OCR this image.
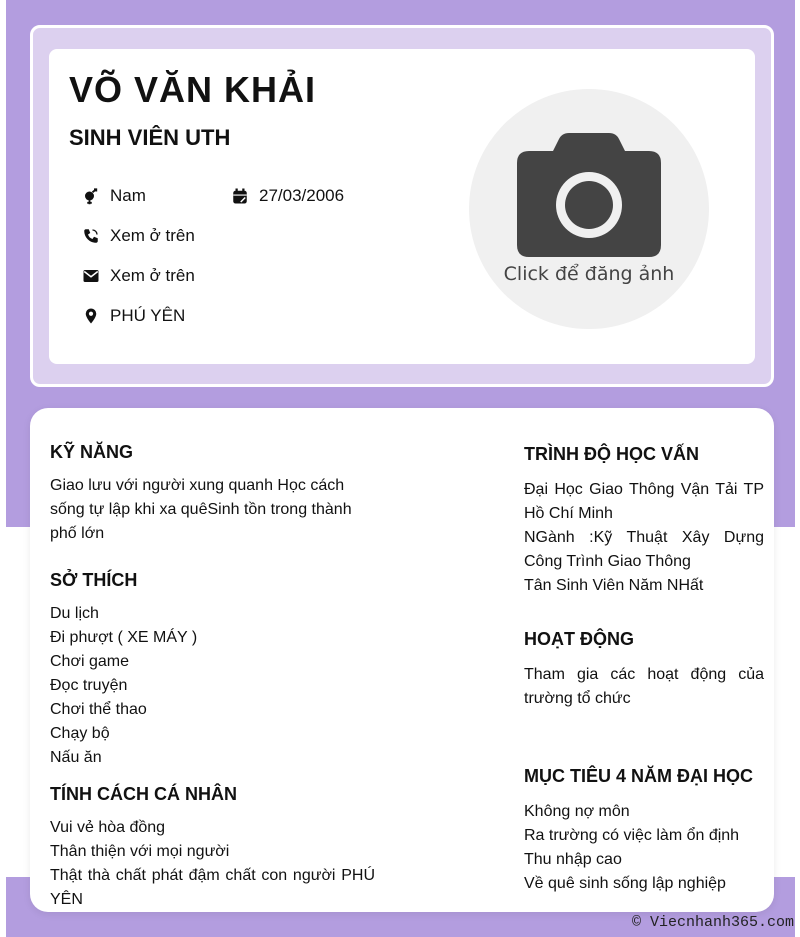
VÕ VĂN KHẢI
SINH VIÊN UTH
Nam	27/03/2006
Xem ở trên
Xem ở trên
PHÚ YÊN
Click để đăng ảnh
KỸ NĂNG
Giao lưu với người xung quanh Học cách sống tự lập khi xa quêSinh tồn trong thành phố lớn
SỞ THÍCH
Du lịch
Đi phượt ( XE MÁY )
Chơi game
Đọc truyện
Chơi thể thao
Chạy bộ
Nấu ăn
TÍNH CÁCH CÁ NHÂN
Vui vẻ hòa đồng
Thân thiện với mọi người
Thật thà chất phát đậm chất con người PHÚ YÊN
TRÌNH ĐỘ HỌC VẤN
Đại Học Giao Thông Vận Tải TP Hồ Chí Minh
NGành :Kỹ Thuật Xây Dựng Công Trình Giao Thông
Tân Sinh Viên Năm NHất
HOẠT ĐỘNG
Tham gia các hoạt động của trường tổ chức
MỤC TIÊU 4 NĂM ĐẠI HỌC
Không nợ môn
Ra trường có việc làm ổn định
Thu nhập cao
Về quê sinh sống lập nghiệp
© Viecnhanh365.com
